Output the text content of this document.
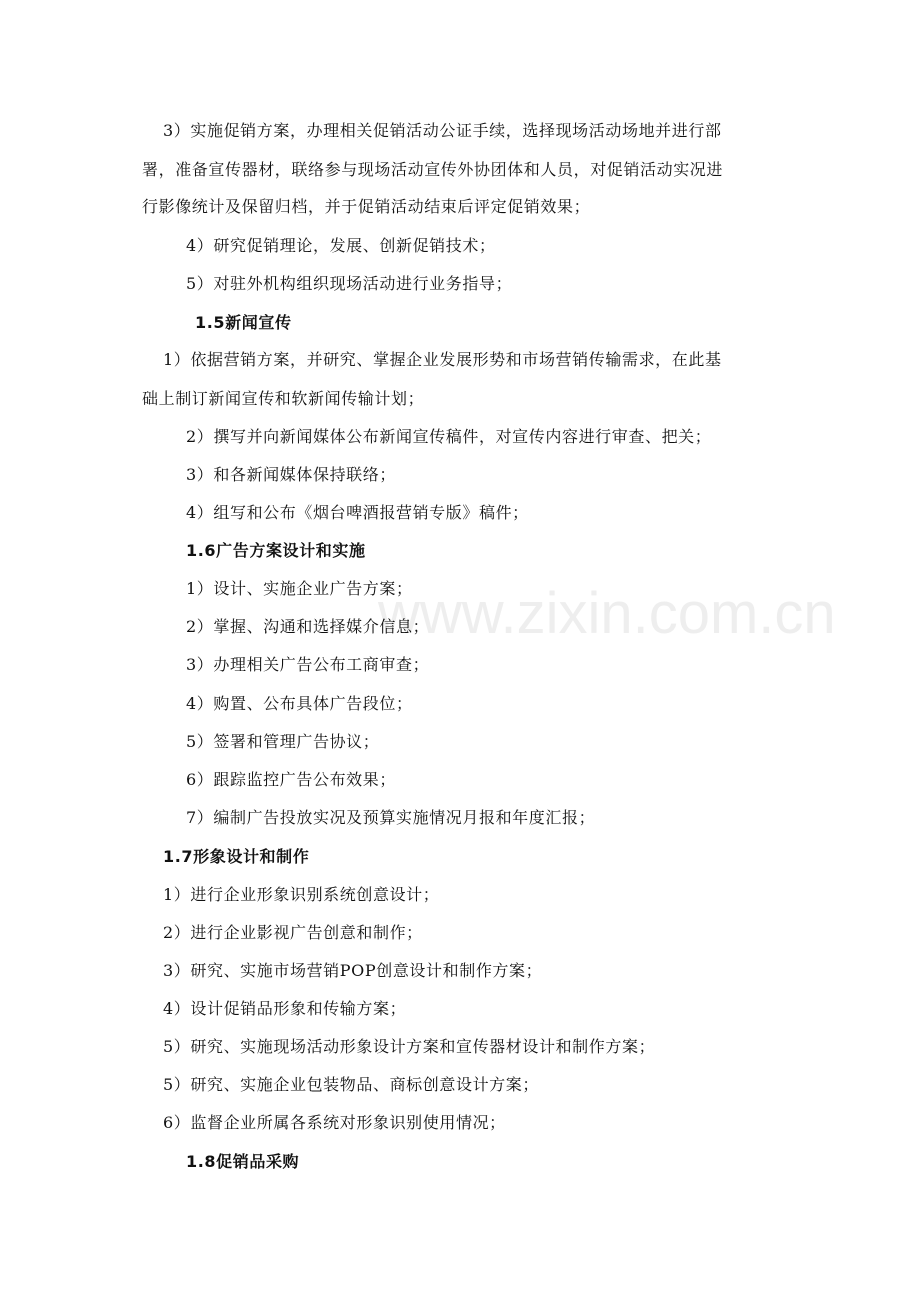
www.zixin.com.cn
3）实施促销方案，办理相关促销活动公证手续，选择现场活动场地并进行部
署，准备宣传器材，联络参与现场活动宣传外协团体和人员，对促销活动实况进
行影像统计及保留归档，并于促销活动结束后评定促销效果；
4）研究促销理论，发展、创新促销技术；
5）对驻外机构组织现场活动进行业务指导；
1.5新闻宣传
1）依据营销方案，并研究、掌握企业发展形势和市场营销传输需求，在此基
础上制订新闻宣传和软新闻传输计划；
2）撰写并向新闻媒体公布新闻宣传稿件，对宣传内容进行审查、把关；
3）和各新闻媒体保持联络；
4）组写和公布《烟台啤酒报营销专版》稿件；
1.6广告方案设计和实施
1）设计、实施企业广告方案；
2）掌握、沟通和选择媒介信息；
3）办理相关广告公布工商审查；
4）购置、公布具体广告段位；
5）签署和管理广告协议；
6）跟踪监控广告公布效果；
7）编制广告投放实况及预算实施情况月报和年度汇报；
1.7形象设计和制作
1）进行企业形象识别系统创意设计；
2）进行企业影视广告创意和制作；
3）研究、实施市场营销POP创意设计和制作方案；
4）设计促销品形象和传输方案；
5）研究、实施现场活动形象设计方案和宣传器材设计和制作方案；
5）研究、实施企业包装物品、商标创意设计方案；
6）监督企业所属各系统对形象识别使用情况；
1.8促销品采购
